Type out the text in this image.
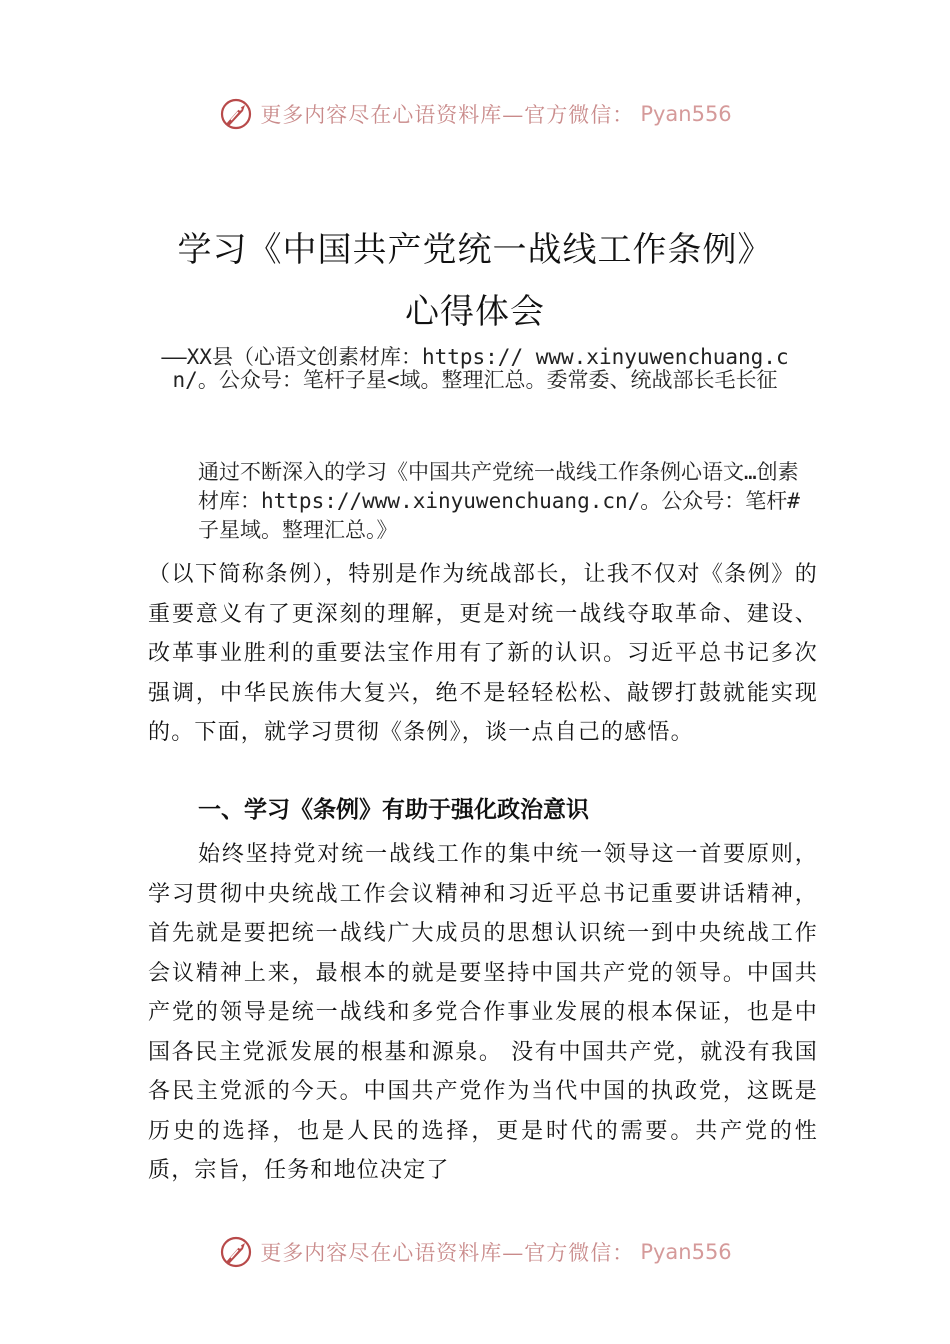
更多内容尽在心语资料库—官方微信： Pyan556
学习《中国共产党统一战线工作条例》
心得体会
——XX县（心语文创素材库：https:// www.xinyuwenchuang.cn/。公众号：笔杆子星<域。整理汇总。委常委、统战部长毛长征
通过不断深入的学习《中国共产党统一战线工作条例心语文…创素材库：https://www.xinyuwenchuang.cn/。公众号：笔杆#子星域。整理汇总。》
（以下简称条例），特别是作为统战部长，让我不仅对《条例》的重要意义有了更深刻的理解，更是对统一战线夺取革命、建设、改革事业胜利的重要法宝作用有了新的认识。习近平总书记多次强调，中华民族伟大复兴，绝不是轻轻松松、敲锣打鼓就能实现的。下面，就学习贯彻《条例》，谈一点自己的感悟。
一、学习《条例》有助于强化政治意识
始终坚持党对统一战线工作的集中统一领导这一首要原则，学习贯彻中央统战工作会议精神和习近平总书记重要讲话精神，首先就是要把统一战线广大成员的思想认识统一到中央统战工作会议精神上来，最根本的就是要坚持中国共产党的领导。中国共产党的领导是统一战线和多党合作事业发展的根本保证，也是中国各民主党派发展的根基和源泉。 没有中国共产党，就没有我国各民主党派的今天。中国共产党作为当代中国的执政党，这既是历史的选择，也是人民的选择，更是时代的需要。共产党的性质，宗旨，任务和地位决定了
更多内容尽在心语资料库—官方微信： Pyan556
